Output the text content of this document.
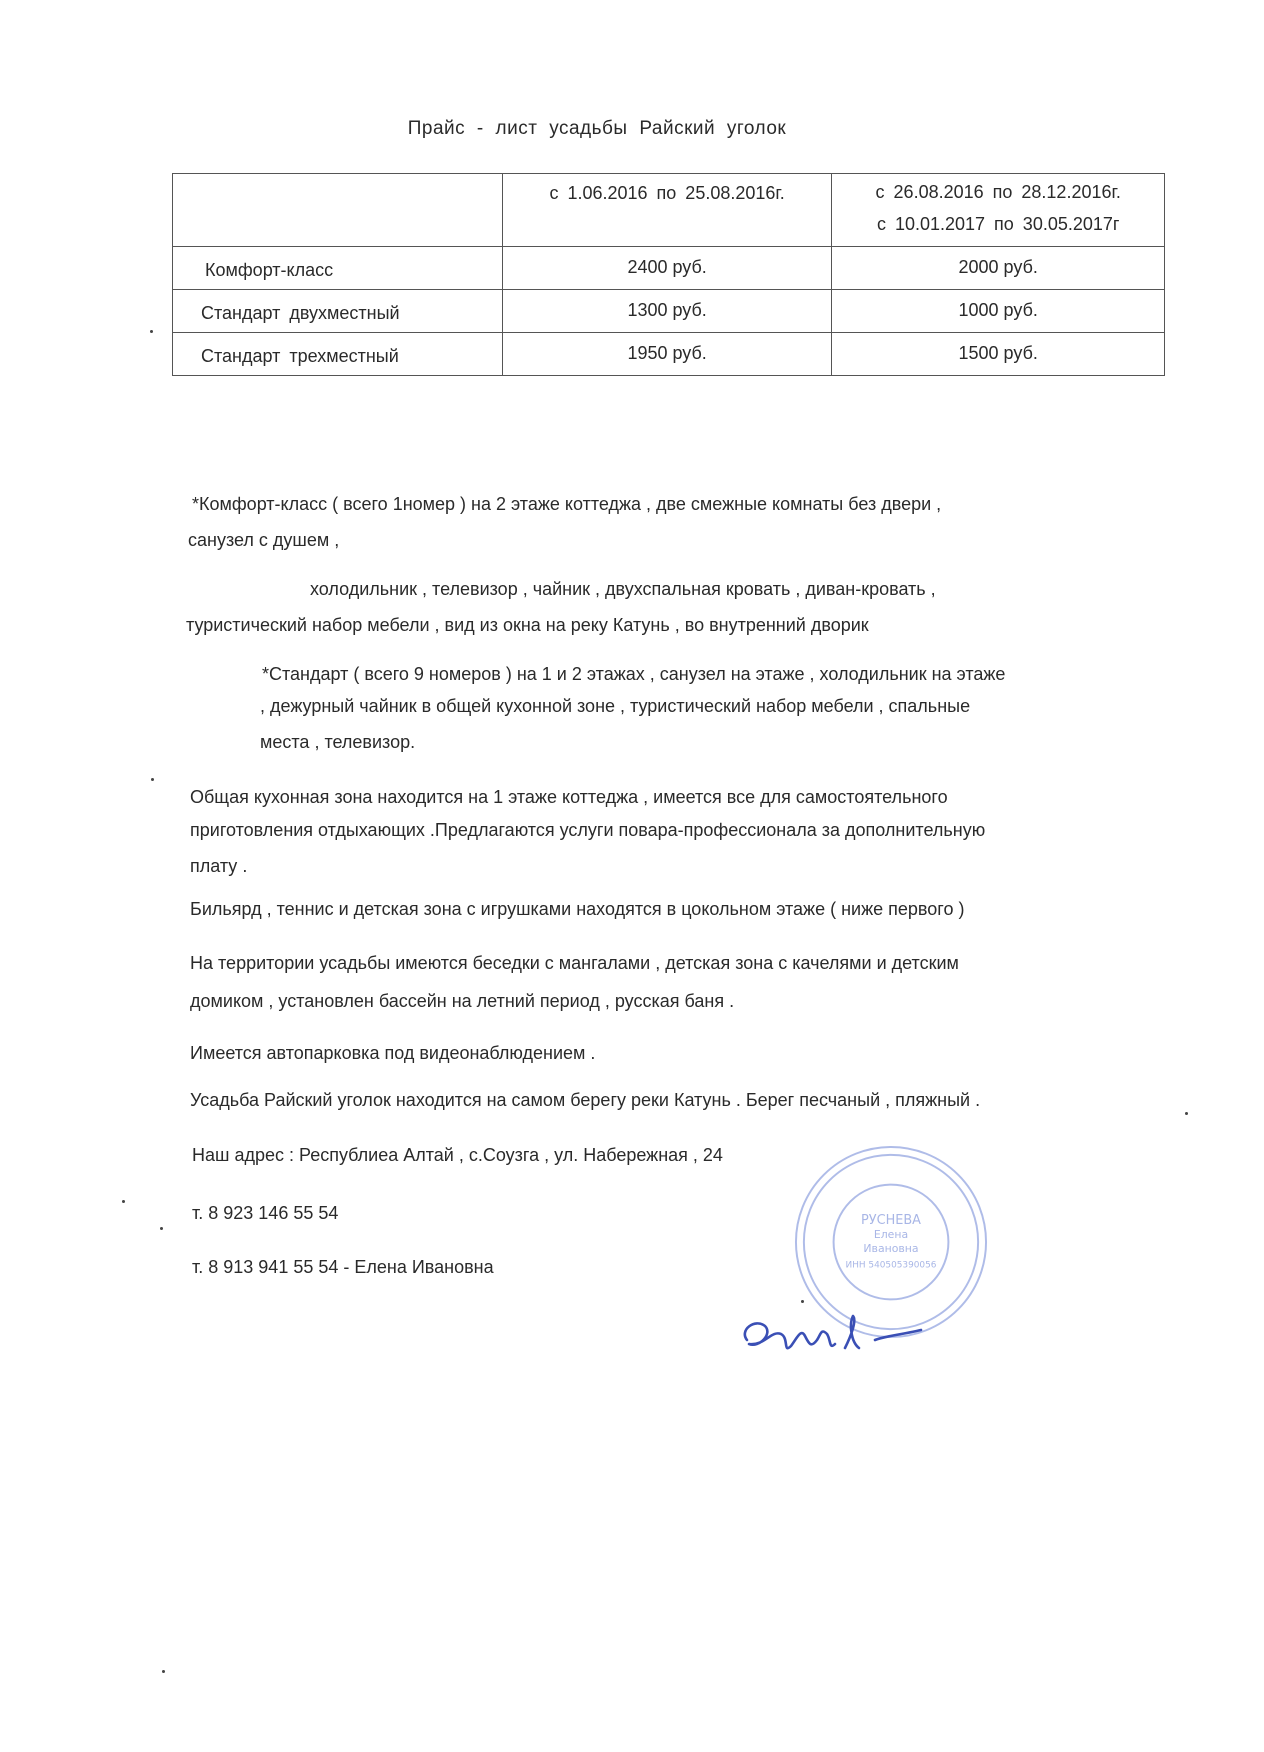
Прайс - лист усадьбы Райский уголок

	с 1.06.2016 по 25.08.2016г.	с 26.08.2016 по 28.12.2016г.
с 10.01.2017 по 30.05.2017г

Комфорт-класс	2400 руб.	2000 руб.

Стандарт двухместный	1300 руб.	1000 руб.

Стандарт трехместный	1950 руб.	1500 руб.
*Комфорт-класс ( всего 1номер ) на 2 этаже коттеджа , две смежные комнаты без двери ,
санузел с душем ,
холодильник , телевизор , чайник , двухспальная кровать , диван-кровать ,
туристический набор мебели , вид из окна на реку Катунь , во внутренний дворик
*Стандарт ( всего 9 номеров ) на 1 и 2 этажах , санузел на этаже , холодильник на этаже
, дежурный чайник в общей кухонной зоне , туристический набор мебели , спальные
места , телевизор.
Общая кухонная зона находится на 1 этаже коттеджа , имеется все для самостоятельного
приготовления отдыхающих .Предлагаются услуги повара-профессионала за дополнительную
плату .
Бильярд , теннис и детская зона с игрушками находятся в цокольном этаже ( ниже первого )
На территории усадьбы имеются беседки с мангалами , детская зона с качелями и детским
домиком , установлен бассейн на летний период , русская баня .
Имеется автопарковка под видеонаблюдением .
Усадьба Райский уголок находится на самом берегу реки Катунь . Берег песчаный , пляжный .
Наш адрес : Республиеа Алтай , с.Соузга , ул. Набережная , 24
т. 8 923 146 55 54
т. 8 913 941 55 54 - Елена Ивановна
РУСНЕВА
Елена
Ивановна
ИНН 540505390056
